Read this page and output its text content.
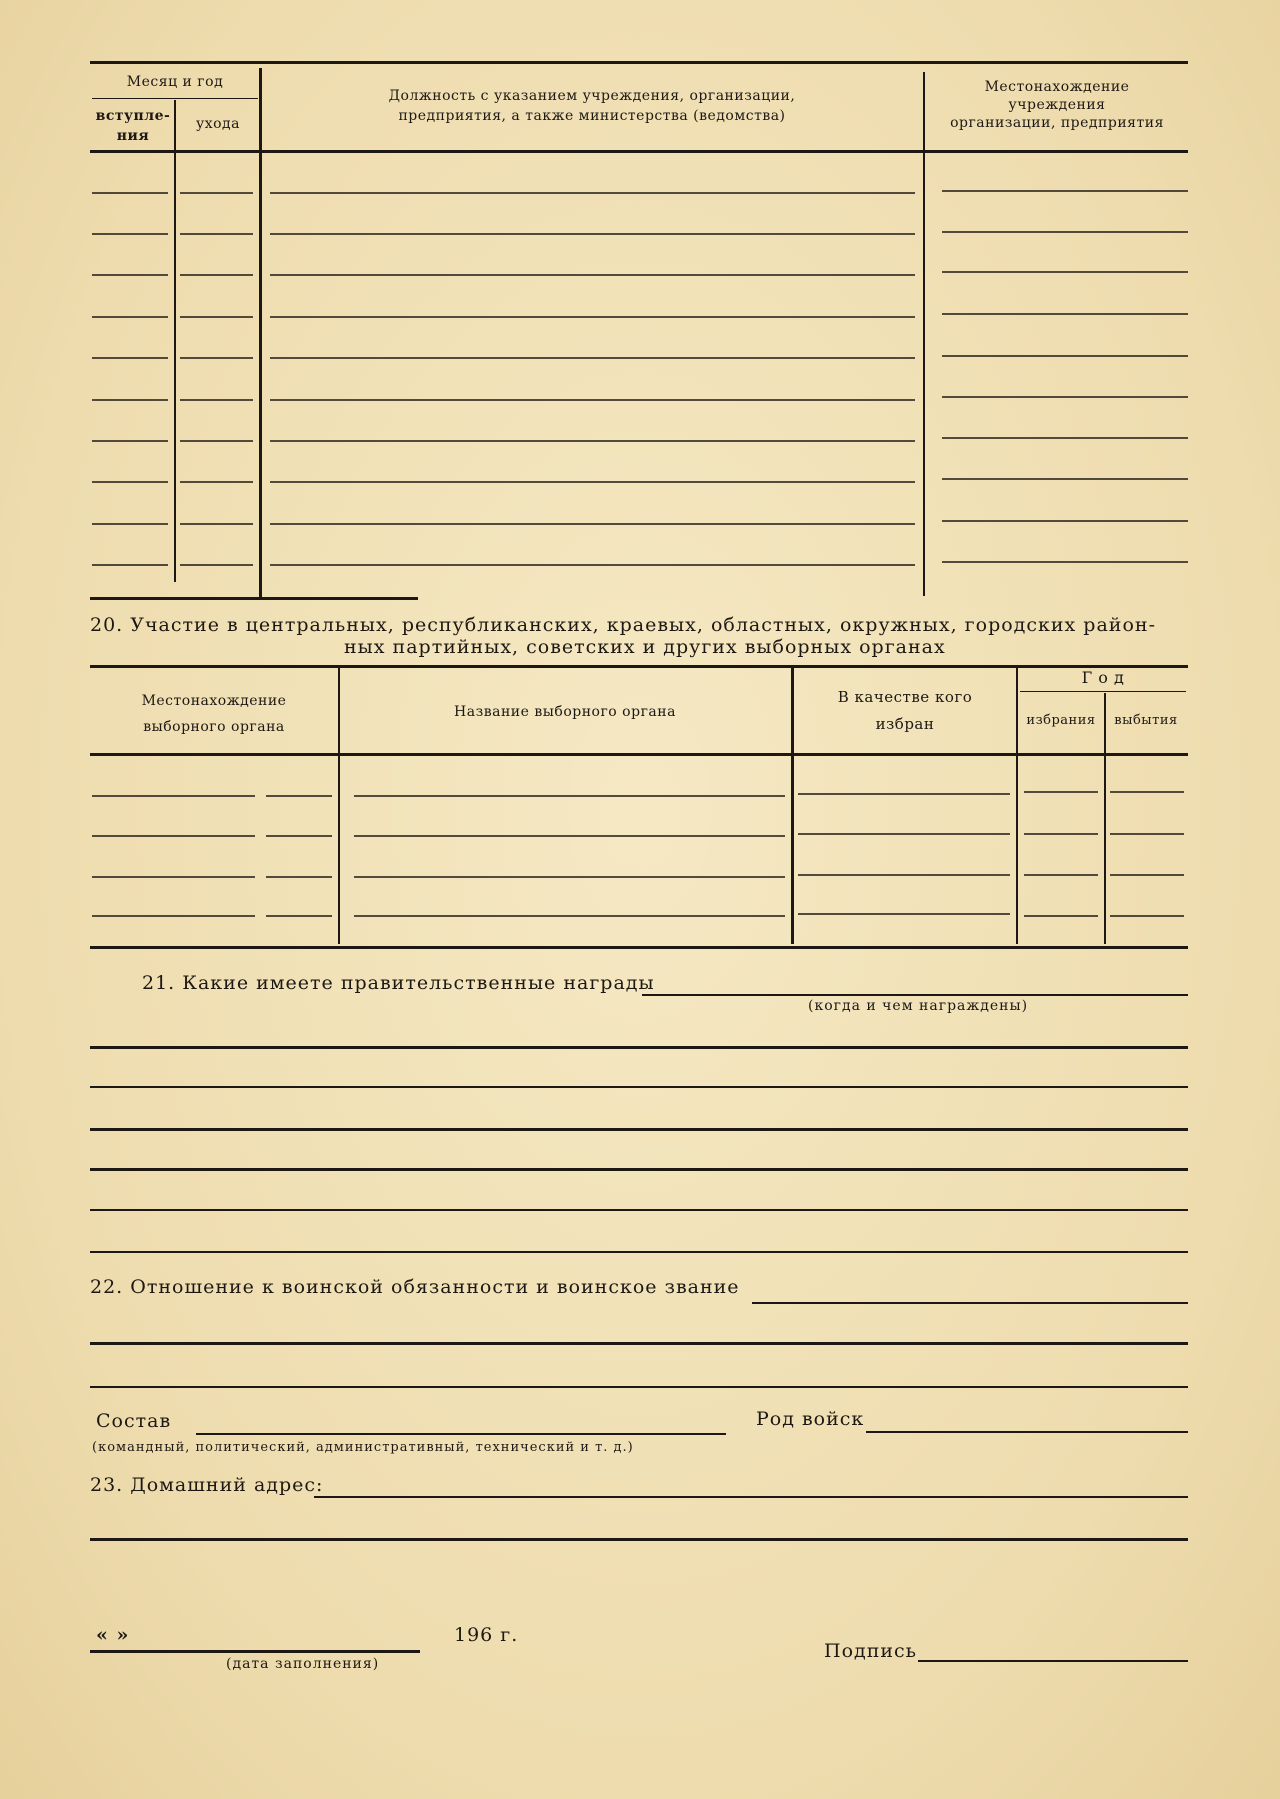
Месяц и год
вступле-
ния
ухода
Должность с указанием учреждения, организации,
предприятия, а также министерства (ведомства)
Местонахождение
учреждения
организации, предприятия
20. Участие в центральных, республиканских, краевых, областных, окружных, городских район-
ных партийных, советских и других выборных органах
Местонахождение
выборного органа
Название выборного органа
В качестве кого
избран
Г о д
избрания	выбытия
21. Какие имеете правительственные награды
(когда и чем награждены)
22. Отношение к воинской обязанности и воинское звание
Состав
(командный, политический, административный, технический и т. д.)
Род войск
23. Домашний адрес:
« »	196 г.
(дата заполнения)
Подпись
